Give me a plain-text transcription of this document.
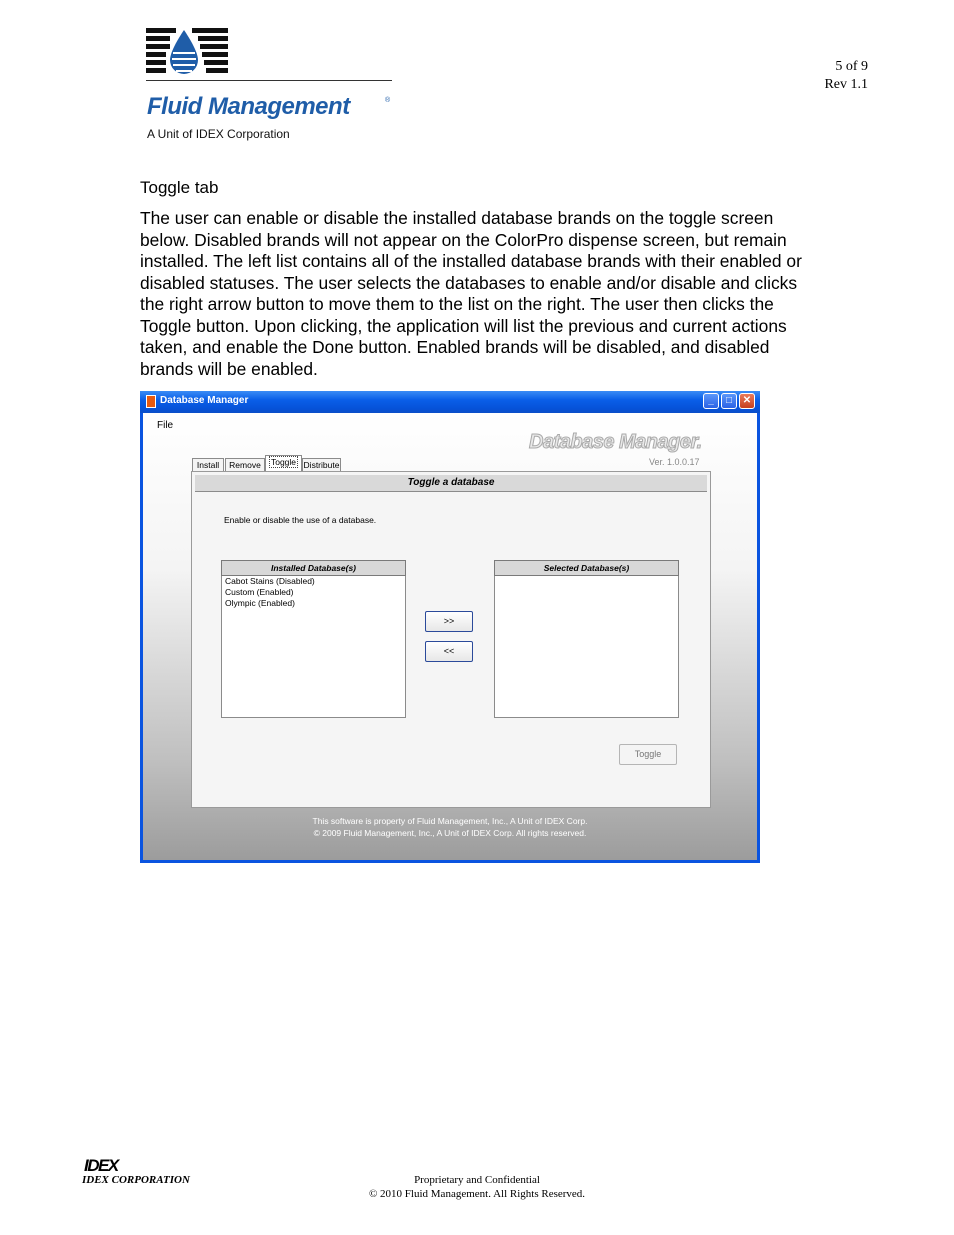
Fluid Management	®
A Unit of IDEX Corporation
5 of 9
Rev 1.1
Toggle tab
The user can enable or disable the installed database brands on the toggle screen below. Disabled brands will not appear on the ColorPro dispense screen, but remain installed. The left list contains all of the installed database brands with their enabled or disabled statuses. The user selects the databases to enable and/or disable and clicks the right arrow button to move them to the list on the right. The user then clicks the Toggle button. Upon clicking, the application will list the previous and current actions taken, and enable the Done button. Enabled brands will be disabled, and disabled brands will be enabled.
Database Manager	_	□	✕
File
Database Manager.
Ver. 1.0.0.17
Install	Remove	Toggle Distribute
Toggle a database
Enable or disable the use of a database.
Installed Database(s)
Cabot Stains (Disabled)
Custom (Enabled)
Olympic (Enabled)
>>
<<
Selected Database(s)
Toggle
This software is property of Fluid Management, Inc., A Unit of IDEX Corp.
© 2009 Fluid Management, Inc., A Unit of IDEX Corp. All rights reserved.
IDEX
IDEX CORPORATION	Proprietary and Confidential
© 2010 Fluid Management. All Rights Reserved.
